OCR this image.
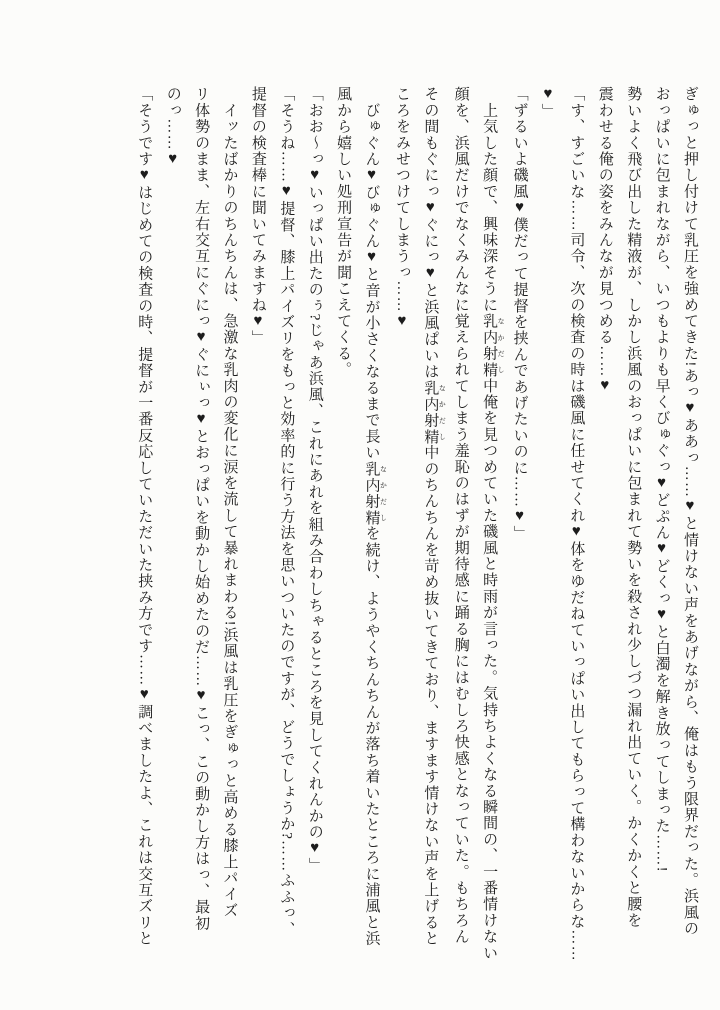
ぎゅっと押し付けて乳圧を強めてきた!あっ♥ああっ……♥と情けない声をあげながら、俺はもう限界だった。浜風の
おっぱいに包まれながら、いつもよりも早くびゅぐっ♥どぷん♥どくっ♥と白濁を解き放ってしまった……!
勢いよく飛び出した精液が、しかし浜風のおっぱいに包まれて勢いを殺され少しづつ漏れ出ていく。かくかくと腰を
震わせる俺の姿をみんなが見つめる……♥
「す、すごいな……司令、次の検査の時は磯風に任せてくれ♥体をゆだねていっぱい出してもらって構わないからな……
♥」
「ずるいよ磯風♥僕だって提督を挟んであげたいのに……♥」
　上気した顔で、興味深そうに乳内射精 なかだし中俺を見つめていた磯風と時雨が言った。気持ちよくなる瞬間の、一番情けない
顔を、浜風だけでなくみんなに覚えられてしまう羞恥のはずが期待感に踊る胸にはむしろ快感となっていた。もちろん
その間もぐにっ♥ぐにっ♥と浜風ぱいは乳内射精 なかだし中のちんちんを苛め抜いてきており、ますます情けない声を上げると
ころをみせつけてしまうっ……♥
　びゅぐん♥びゅぐん♥と音が小さくなるまで長い乳内射精 なかだしを続け、ようやくちんちんが落ち着いたところに浦風と浜
風から嬉しい処刑宣告が聞こえてくる。
「おお〜っ♥いっぱい出たのぅ?じゃあ浜風、これにあれを組み合わしちゃるところを見してくれんかの♥」
「そうね……♥提督、膝上パイズリをもっと効率的に行う方法を思いついたのですが、どうでしょうか?……ふふっ、
提督の検査棒に聞いてみますね♥」
　イッたばかりのちんちんは、急激な乳肉の変化に涙を流して暴れまわる!浜風は乳圧をぎゅっと高める膝上パイズ
リ体勢のまま、左右交互にぐにっ♥ぐにぃっ♥とおっぱいを動かし始めたのだ……♥こっ、この動かし方はっ、最初
のっ……♥
「そうです♥はじめての検査の時、提督が一番反応していただいた挟み方です……♥調べましたよ、これは交互ズリと
